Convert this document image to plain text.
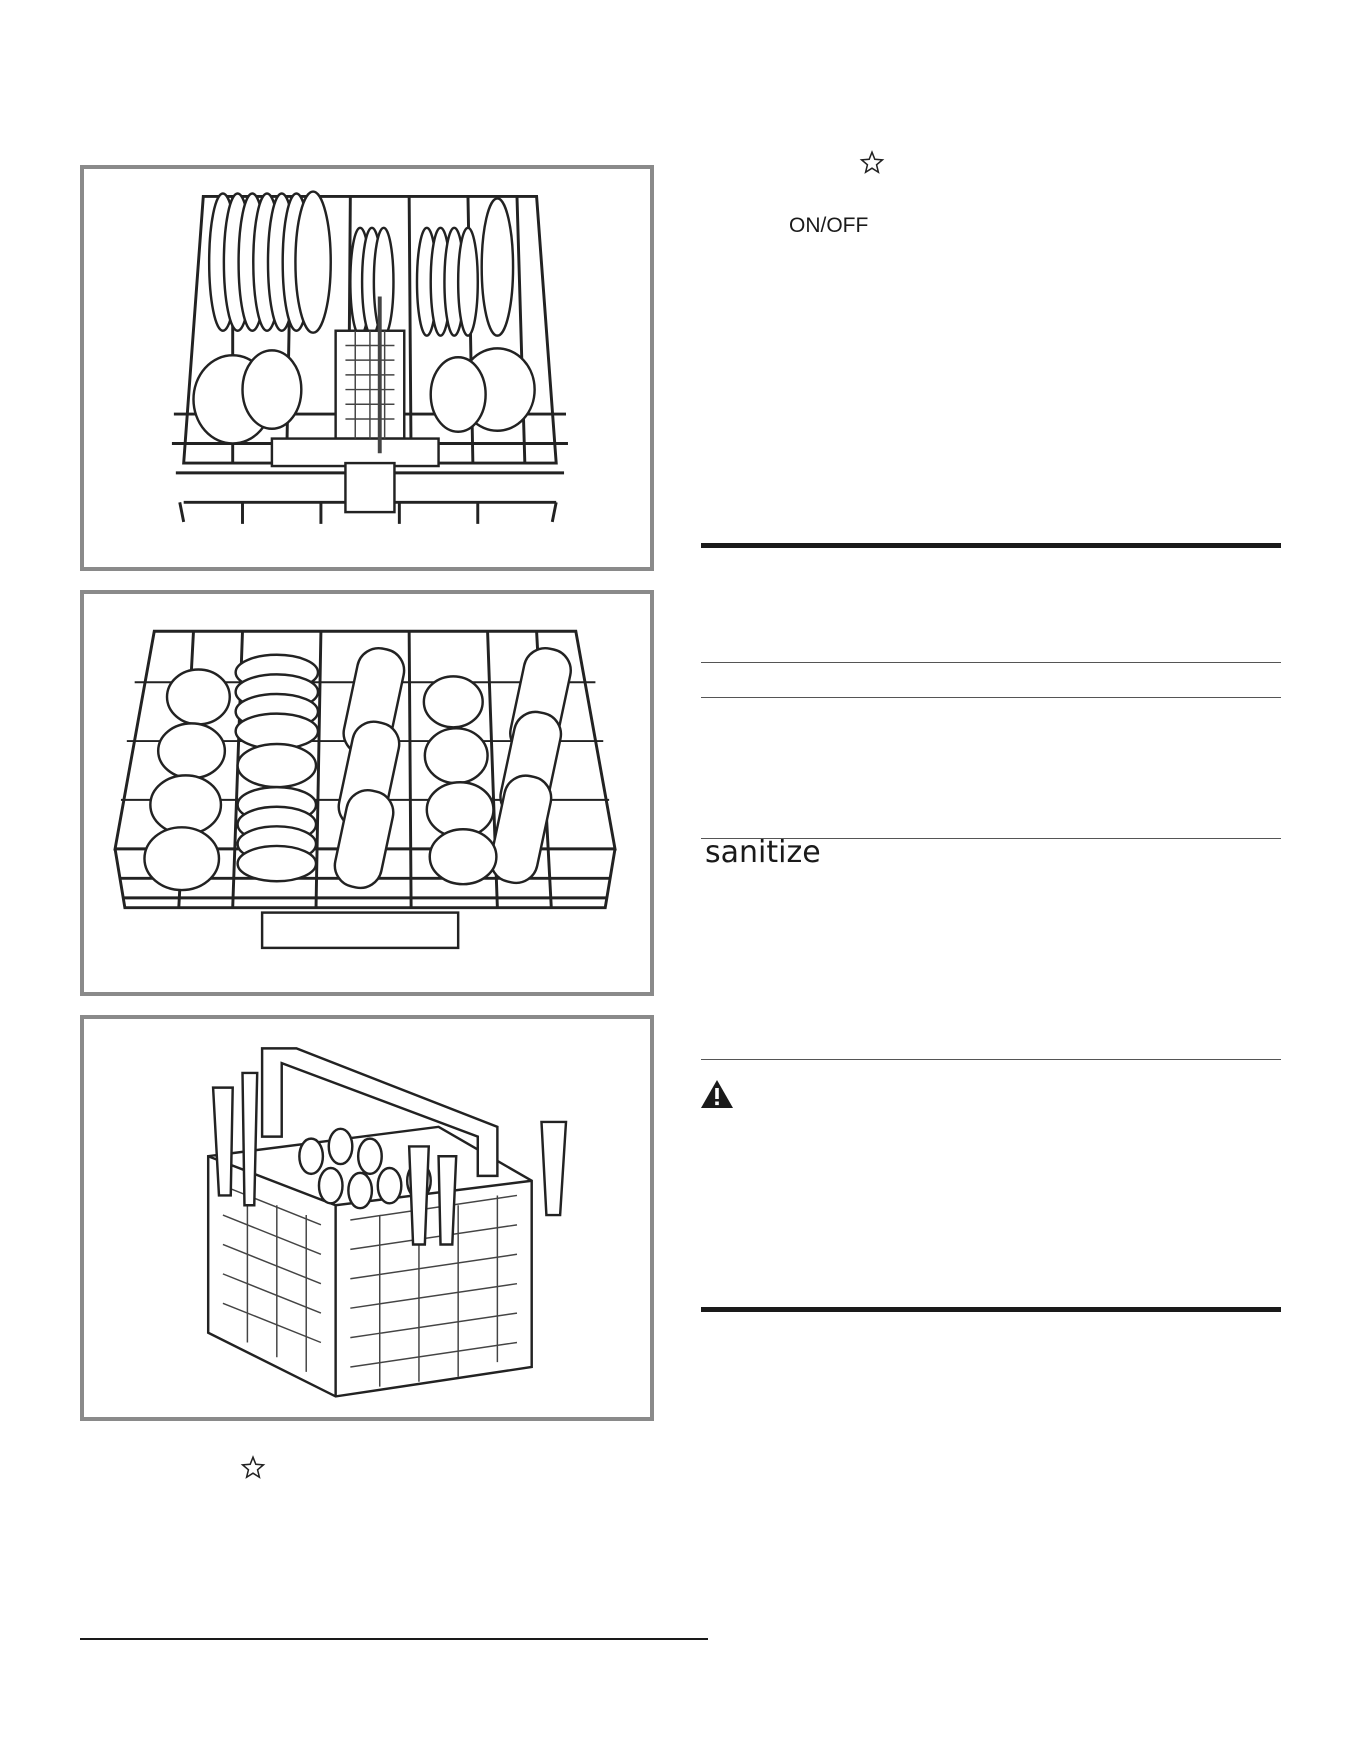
ON/OFF
sanitize
